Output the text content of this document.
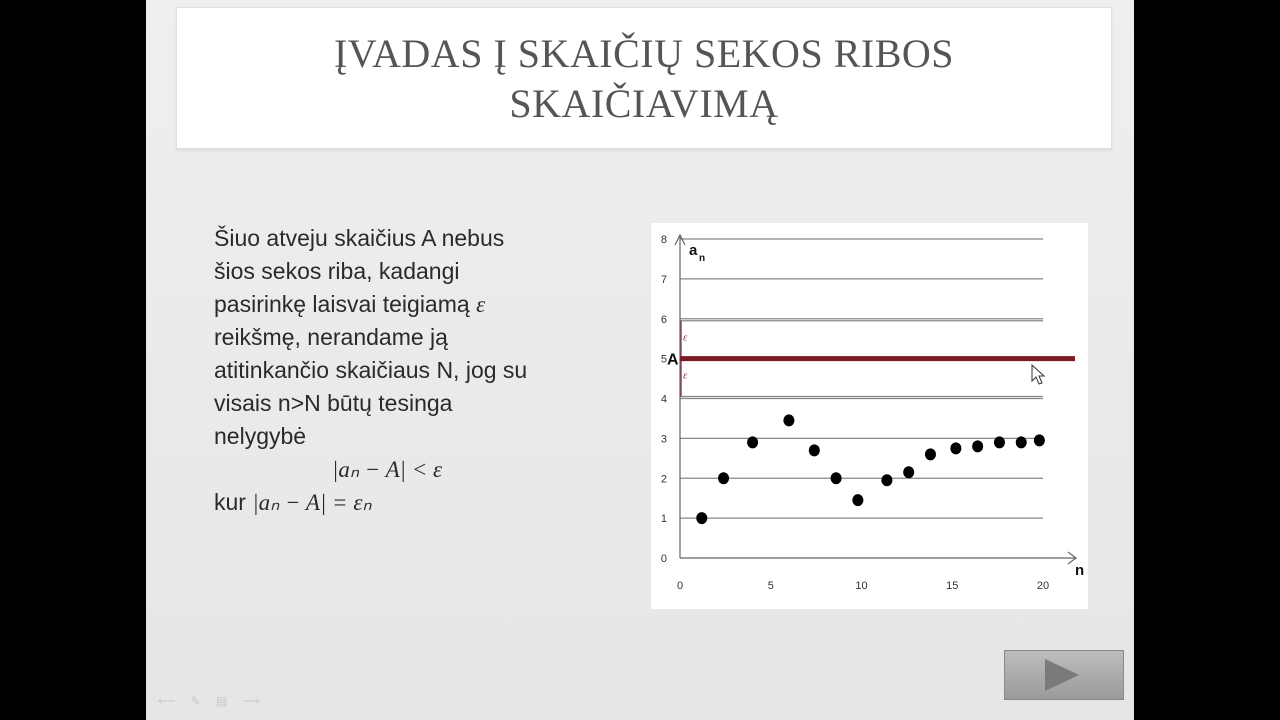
ĮVADAS Į SKAIČIŲ SEKOS RIBOS
SKAIČIAVIMĄ
Šiuo atveju skaičius A nebus
šios sekos riba, kadangi
pasirinkę laisvai teigiamą ε
reikšmę, nerandame ją
atitinkančio skaičiaus N, jog su
visais n>N būtų tesinga
nelygybė
|aₙ − A| < ε
kur |aₙ − A| = εₙ
0
1
2
3
4
5
6
7
8
0	5	10	15	20
a n
n
ε
ε
A
⟵ ✎ ▤ ⟶
